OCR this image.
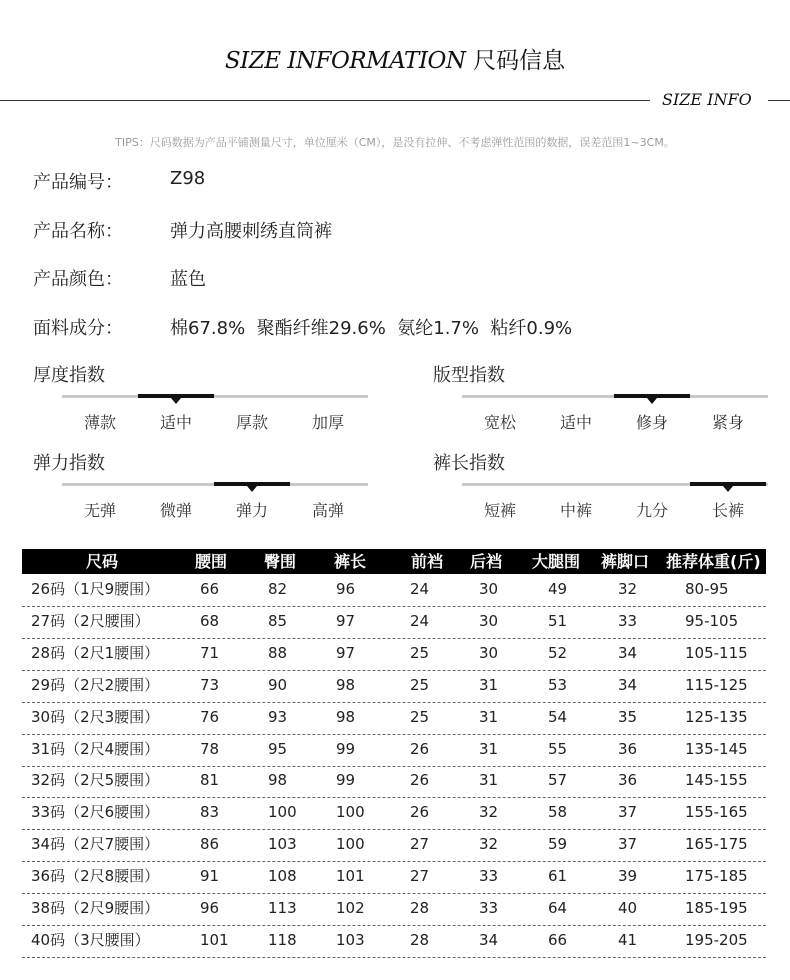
SIZE INFORMATION 尺码信息
SIZE INFO
TIPS：尺码数据为产品平铺测量尺寸，单位厘米（CM），是没有拉伸、不考虑弹性范围的数据，误差范围1~3CM。
产品编号：	Z98
产品名称：	弹力高腰刺绣直筒裤
产品颜色：	蓝色
面料成分：	棉67.8%  聚酯纤维29.6%  氨纶1.7%  粘纤0.9%
厚度指数
薄款	适中	厚款	加厚
版型指数
宽松	适中	修身	紧身
弹力指数
无弹	微弹	弹力	高弹
裤长指数
短裤	中裤	九分	长裤
尺码	腰围 臀围 裤长	前裆 后裆 大腿围 裤脚口 推荐体重(斤)
26码（1尺9腰围）	66	82	96	24	30	49	32	80-95
27码（2尺腰围）	68	85	97	24	30	51	33	95-105
28码（2尺1腰围）	71	88	97	25	30	52	34	105-115
29码（2尺2腰围）	73	90	98	25	31	53	34	115-125
30码（2尺3腰围）	76	93	98	25	31	54	35	125-135
31码（2尺4腰围）	78	95	99	26	31	55	36	135-145
32码（2尺5腰围）	81	98	99	26	31	57	36	145-155
33码（2尺6腰围）	83	100	100	26	32	58	37	155-165
34码（2尺7腰围）	86	103	100	27	32	59	37	165-175
36码（2尺8腰围）	91	108	101	27	33	61	39	175-185
38码（2尺9腰围）	96	113	102	28	33	64	40	185-195
40码（3尺腰围）	101	118	103	28	34	66	41	195-205
